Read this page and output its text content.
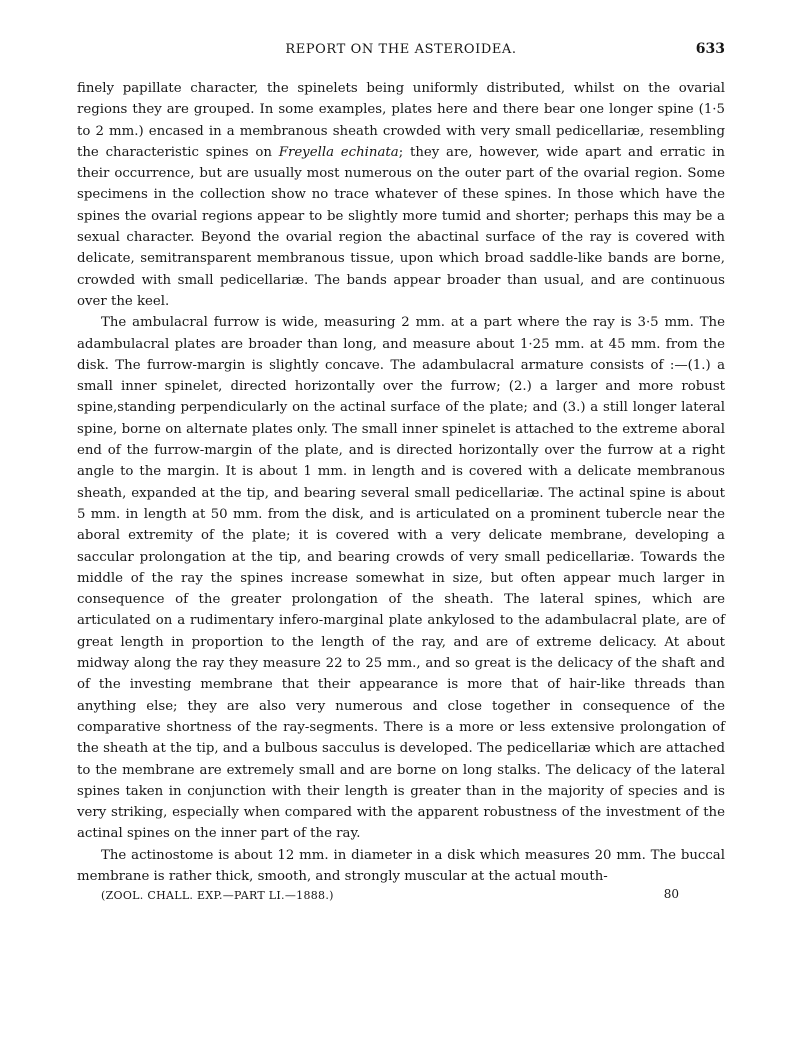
REPORT ON THE ASTEROIDEA.	633

finely papillate character, the spinelets being uniformly distributed, whilst on the ovarial regions they are grouped. In some examples, plates here and there bear one longer spine (1·5 to 2 mm.) encased in a membranous sheath crowded with very small pedicellariæ, resembling the characteristic spines on Freyella echinata; they are, however, wide apart and erratic in their occurrence, but are usually most numerous on the outer part of the ovarial region. Some specimens in the collection show no trace whatever of these spines. In those which have the spines the ovarial regions appear to be slightly more tumid and shorter; perhaps this may be a sexual character. Beyond the ovarial region the abactinal surface of the ray is covered with delicate, semitransparent membranous tissue, upon which broad saddle-like bands are borne, crowded with small pedicellariæ. The bands appear broader than usual, and are continuous over the keel.

The ambulacral furrow is wide, measuring 2 mm. at a part where the ray is 3·5 mm. The adambulacral plates are broader than long, and measure about 1·25 mm. at 45 mm. from the disk. The furrow-margin is slightly concave. The adambulacral armature consists of :—(1.) a small inner spinelet, directed horizontally over the furrow; (2.) a larger and more robust spine,standing perpendicularly on the actinal surface of the plate; and (3.) a still longer lateral spine, borne on alternate plates only. The small inner spinelet is attached to the extreme aboral end of the furrow-margin of the plate, and is directed horizontally over the furrow at a right angle to the margin. It is about 1 mm. in length and is covered with a delicate membranous sheath, expanded at the tip, and bearing several small pedicellariæ. The actinal spine is about 5 mm. in length at 50 mm. from the disk, and is articulated on a prominent tubercle near the aboral extremity of the plate; it is covered with a very delicate membrane, developing a saccular prolongation at the tip, and bearing crowds of very small pedicellariæ. Towards the middle of the ray the spines increase somewhat in size, but often appear much larger in consequence of the greater prolongation of the sheath. The lateral spines, which are articulated on a rudimentary infero-marginal plate ankylosed to the adambulacral plate, are of great length in proportion to the length of the ray, and are of extreme delicacy. At about midway along the ray they measure 22 to 25 mm., and so great is the delicacy of the shaft and of the investing membrane that their appearance is more that of hair-like threads than anything else; they are also very numerous and close together in consequence of the comparative shortness of the ray-segments. There is a more or less extensive prolongation of the sheath at the tip, and a bulbous sacculus is developed. The pedicellariæ which are attached to the membrane are extremely small and are borne on long stalks. The delicacy of the lateral spines taken in conjunction with their length is greater than in the majority of species and is very striking, especially when compared with the apparent robustness of the investment of the actinal spines on the inner part of the ray.

The actinostome is about 12 mm. in diameter in a disk which measures 20 mm. The buccal membrane is rather thick, smooth, and strongly muscular at the actual mouth-

(ZOOL. CHALL. EXP.—PART LI.—1888.)	80
